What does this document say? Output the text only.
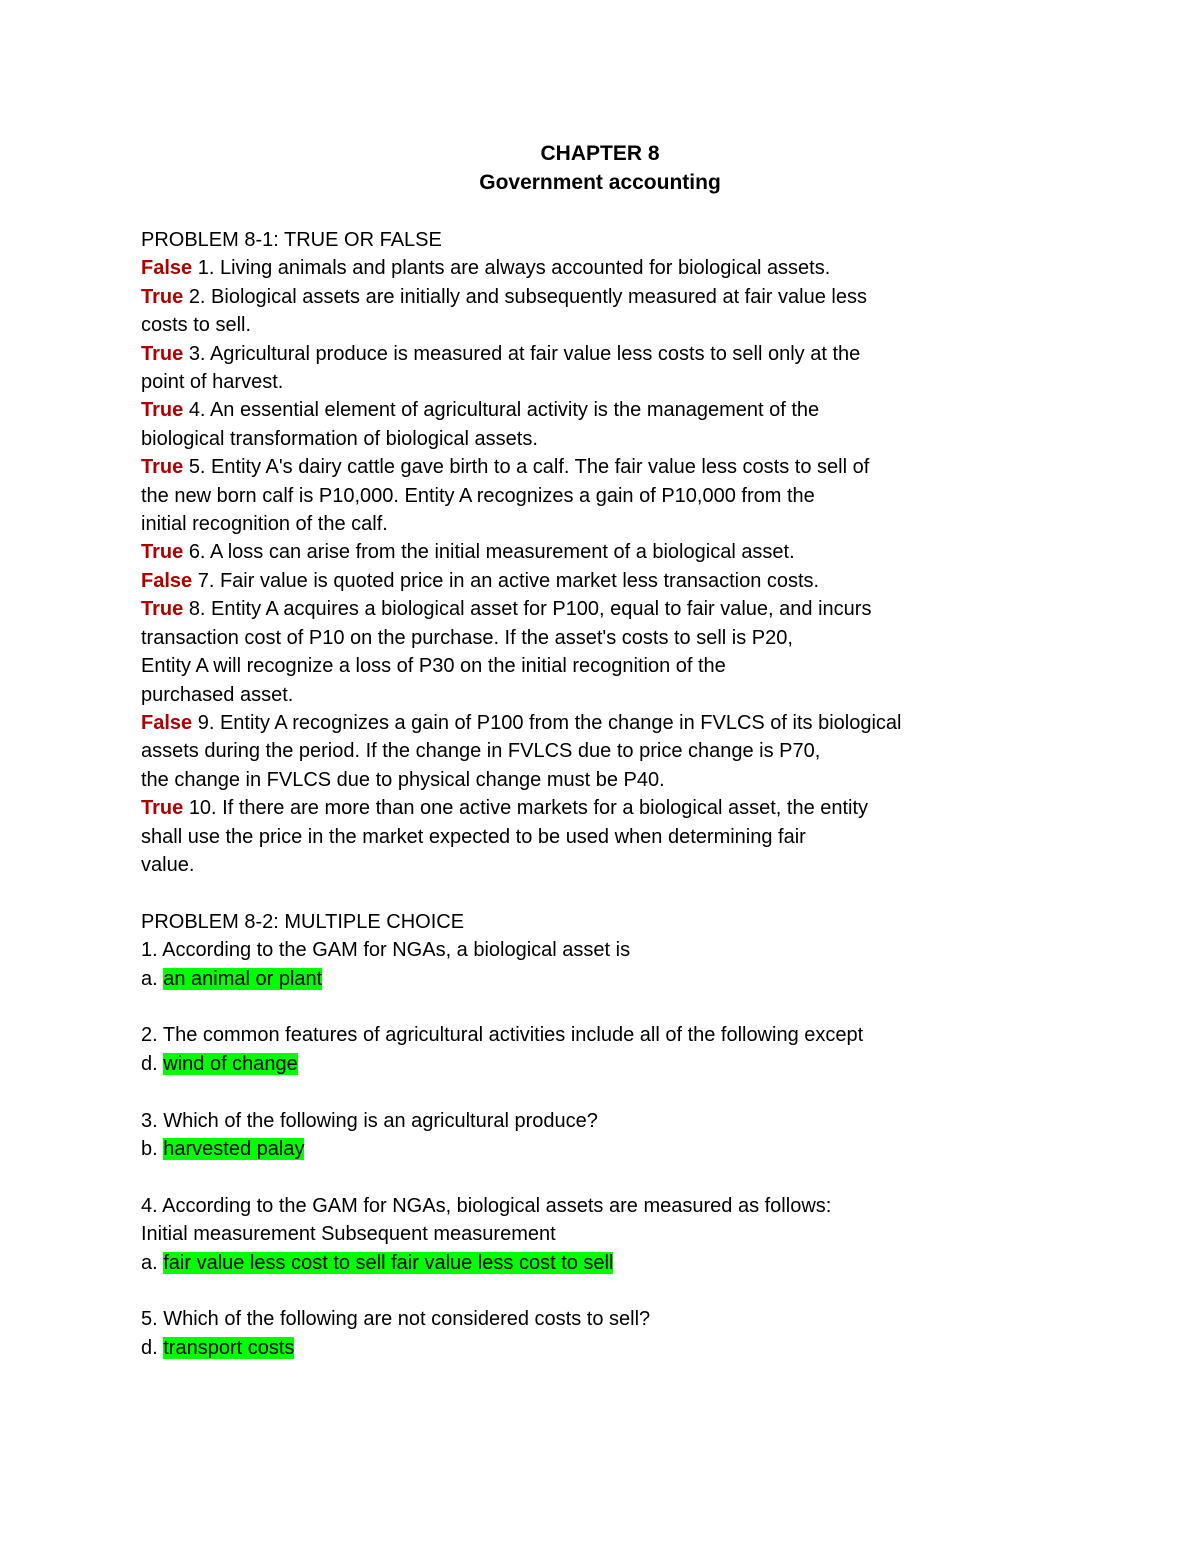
CHAPTER 8
Government accounting
PROBLEM 8-1: TRUE OR FALSE
False 1. Living animals and plants are always accounted for biological assets.
True 2. Biological assets are initially and subsequently measured at fair value less
costs to sell.
True 3. Agricultural produce is measured at fair value less costs to sell only at the
point of harvest.
True 4. An essential element of agricultural activity is the management of the
biological transformation of biological assets.
True 5. Entity A's dairy cattle gave birth to a calf. The fair value less costs to sell of
the new born calf is P10,000. Entity A recognizes a gain of P10,000 from the
initial recognition of the calf.
True 6. A loss can arise from the initial measurement of a biological asset.
False 7. Fair value is quoted price in an active market less transaction costs.
True 8. Entity A acquires a biological asset for P100, equal to fair value, and incurs
transaction cost of P10 on the purchase. If the asset's costs to sell is P20,
Entity A will recognize a loss of P30 on the initial recognition of the
purchased asset.
False 9. Entity A recognizes a gain of P100 from the change in FVLCS of its biological
assets during the period. If the change in FVLCS due to price change is P70,
the change in FVLCS due to physical change must be P40.
True 10. If there are more than one active markets for a biological asset, the entity
shall use the price in the market expected to be used when determining fair
value.
PROBLEM 8-2: MULTIPLE CHOICE
1. According to the GAM for NGAs, a biological asset is
a. an animal or plant
2. The common features of agricultural activities include all of the following except
d. wind of change
3. Which of the following is an agricultural produce?
b. harvested palay
4. According to the GAM for NGAs, biological assets are measured as follows:
Initial measurement Subsequent measurement
a. fair value less cost to sell fair value less cost to sell
5. Which of the following are not considered costs to sell?
d. transport costs
